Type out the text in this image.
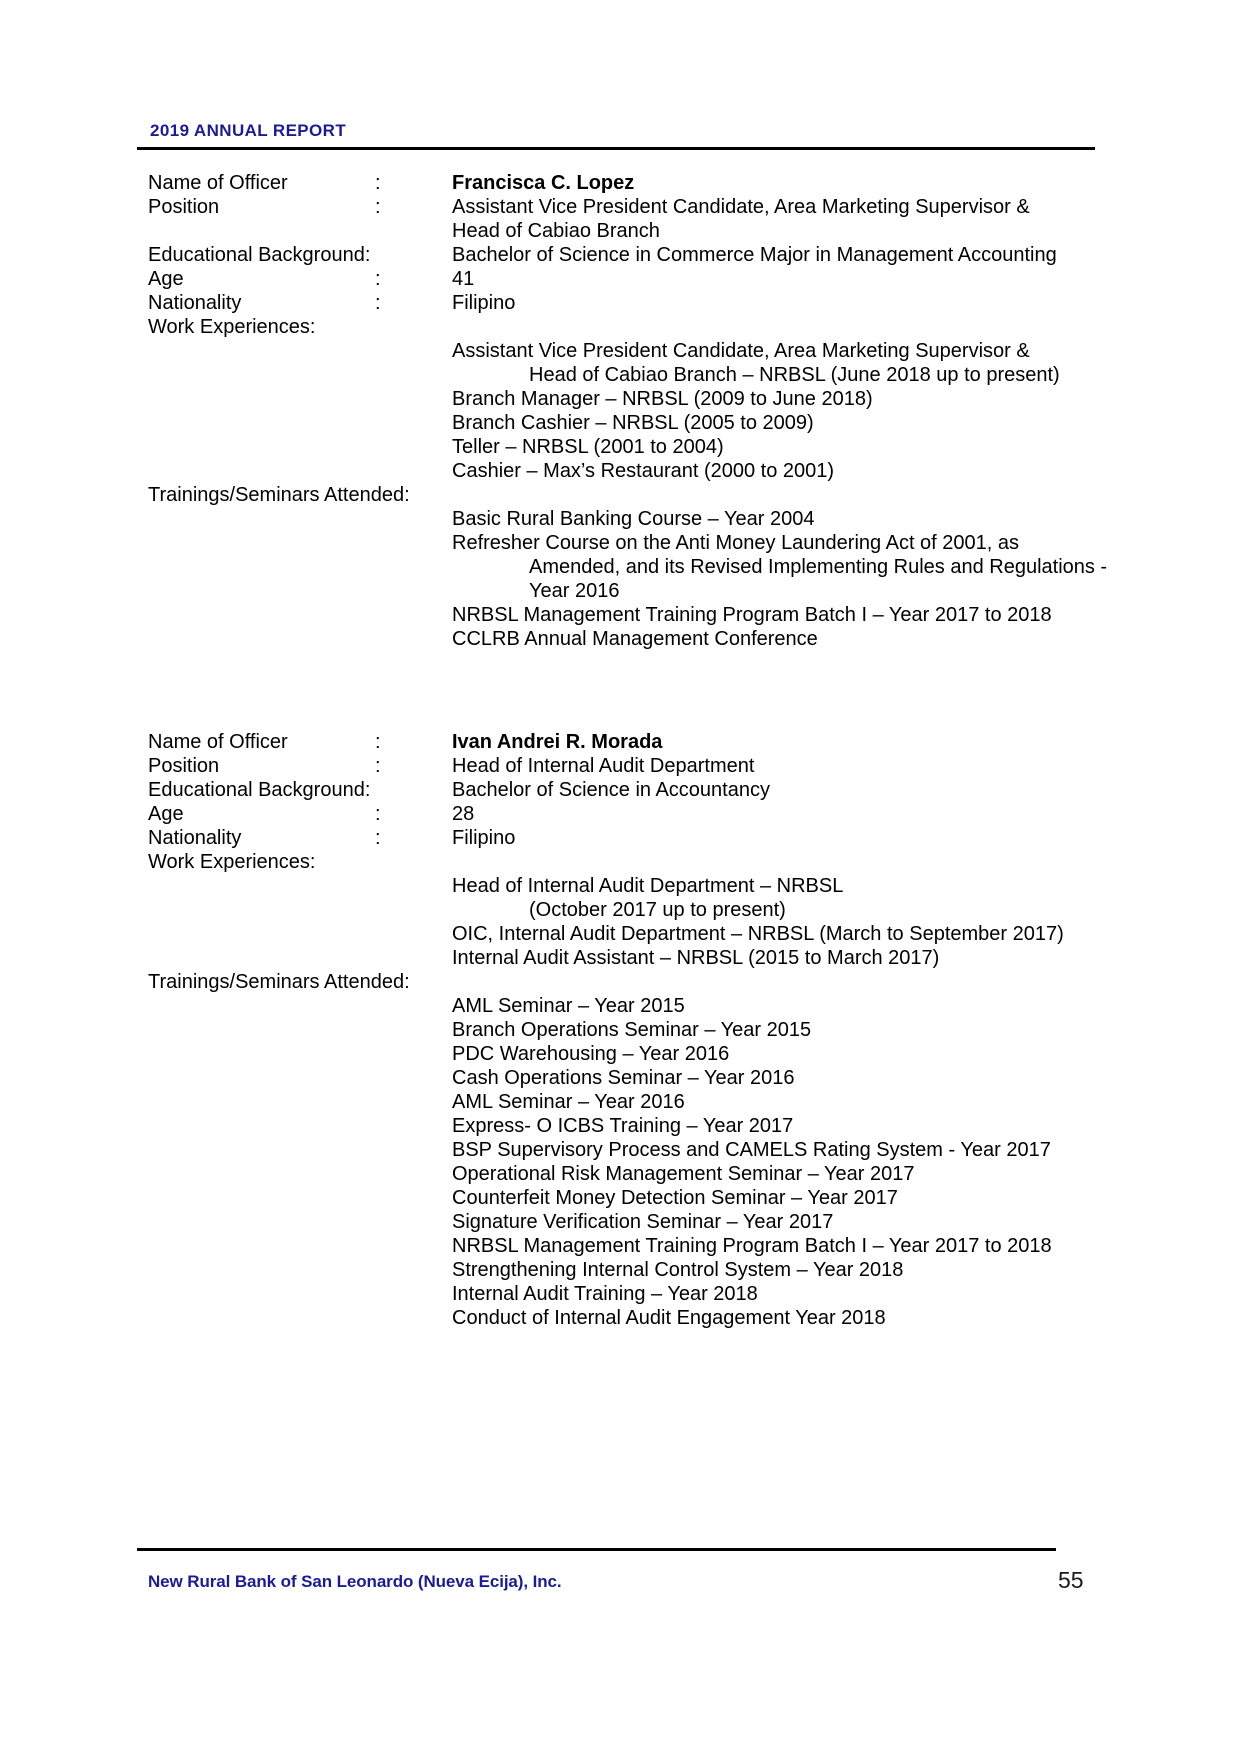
2019 ANNUAL REPORT
Name of Officer	:	Francisca C. Lopez
Position	:	Assistant Vice President Candidate, Area Marketing Supervisor &
Head of Cabiao Branch
Educational Background:	Bachelor of Science in Commerce Major in Management Accounting
Age	:	41
Nationality	:	Filipino
Work Experiences:
Assistant Vice President Candidate, Area Marketing Supervisor &
Head of Cabiao Branch – NRBSL (June 2018 up to present)
Branch Manager – NRBSL (2009 to June 2018)
Branch Cashier – NRBSL (2005 to 2009)
Teller – NRBSL (2001 to 2004)
Cashier – Max’s Restaurant (2000 to 2001)
Trainings/Seminars Attended:
Basic Rural Banking Course – Year 2004
Refresher Course on the Anti Money Laundering Act of 2001, as
Amended, and its Revised Implementing Rules and Regulations -
Year 2016
NRBSL Management Training Program Batch I – Year 2017 to 2018
CCLRB Annual Management Conference
Name of Officer	:	Ivan Andrei R. Morada
Position	:	Head of Internal Audit Department
Educational Background:	Bachelor of Science in Accountancy
Age	:	28
Nationality	:	Filipino
Work Experiences:
Head of Internal Audit Department – NRBSL
(October 2017 up to present)
OIC, Internal Audit Department – NRBSL (March to September 2017)
Internal Audit Assistant – NRBSL (2015 to March 2017)
Trainings/Seminars Attended:
AML Seminar – Year 2015
Branch Operations Seminar – Year 2015
PDC Warehousing – Year 2016
Cash Operations Seminar – Year 2016
AML Seminar – Year 2016
Express- O ICBS Training – Year 2017
BSP Supervisory Process and CAMELS Rating System - Year 2017
Operational Risk Management Seminar – Year 2017
Counterfeit Money Detection Seminar – Year 2017
Signature Verification Seminar – Year 2017
NRBSL Management Training Program Batch I – Year 2017 to 2018
Strengthening Internal Control System – Year 2018
Internal Audit Training – Year 2018
Conduct of Internal Audit Engagement Year 2018
New Rural Bank of San Leonardo (Nueva Ecija), Inc.	55
